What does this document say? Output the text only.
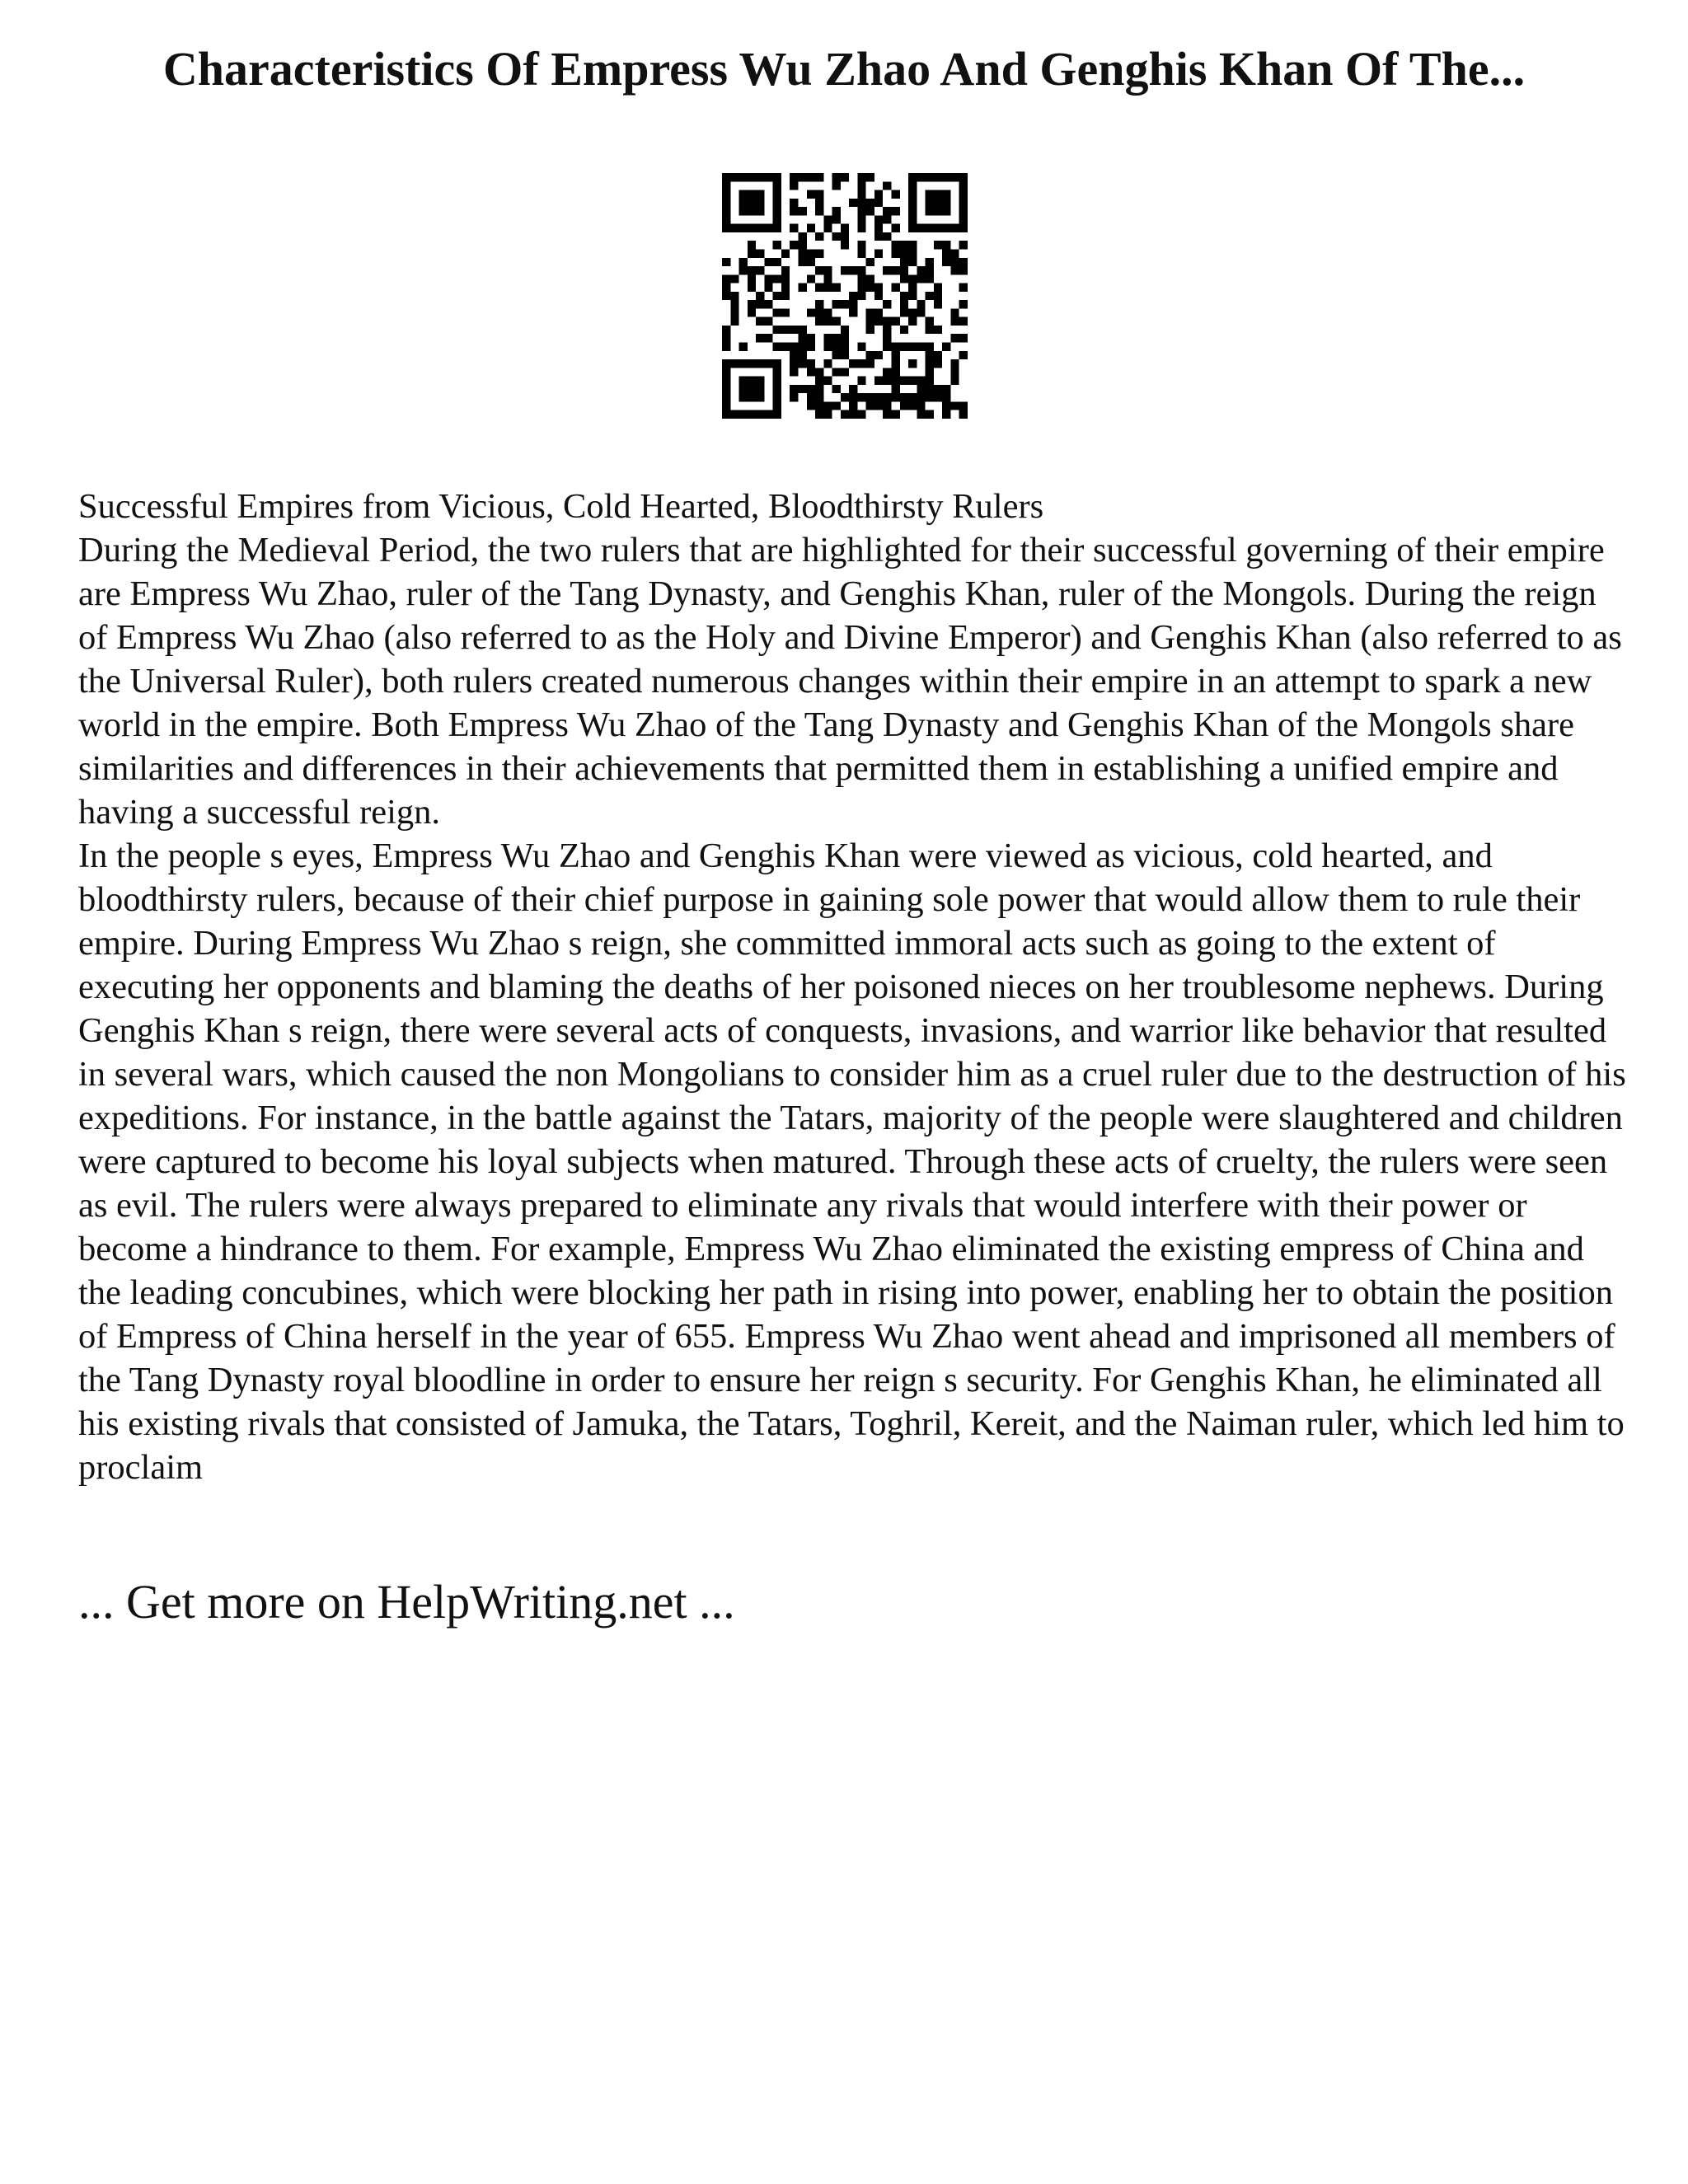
Characteristics Of Empress Wu Zhao And Genghis Khan Of The...

Successful Empires from Vicious, Cold Hearted, Bloodthirsty Rulers

During the Medieval Period, the two rulers that are highlighted for their successful governing of their empire are Empress Wu Zhao, ruler of the Tang Dynasty, and Genghis Khan, ruler of the Mongols. During the reign of Empress Wu Zhao (also referred to as the Holy and Divine Emperor) and Genghis Khan (also referred to as the Universal Ruler), both rulers created numerous changes within their empire in an attempt to spark a new world in the empire. Both Empress Wu Zhao of the Tang Dynasty and Genghis Khan of the Mongols share similarities and differences in their achievements that permitted them in establishing a unified empire and having a successful reign.

In the people s eyes, Empress Wu Zhao and Genghis Khan were viewed as vicious, cold hearted, and bloodthirsty rulers, because of their chief purpose in gaining sole power that would allow them to rule their empire. During Empress Wu Zhao s reign, she committed immoral acts such as going to the extent of executing her opponents and blaming the deaths of her poisoned nieces on her troublesome nephews. During Genghis Khan s reign, there were several acts of conquests, invasions, and warrior like behavior that resulted in several wars, which caused the non Mongolians to consider him as a cruel ruler due to the destruction of his expeditions. For instance, in the battle against the Tatars, majority of the people were slaughtered and children were captured to become his loyal subjects when matured. Through these acts of cruelty, the rulers were seen as evil. The rulers were always prepared to eliminate any rivals that would interfere with their power or become a hindrance to them. For example, Empress Wu Zhao eliminated the existing empress of China and the leading concubines, which were blocking her path in rising into power, enabling her to obtain the position of Empress of China herself in the year of 655. Empress Wu Zhao went ahead and imprisoned all members of the Tang Dynasty royal bloodline in order to ensure her reign s security. For Genghis Khan, he eliminated all his existing rivals that consisted of Jamuka, the Tatars, Toghril, Kereit, and the Naiman ruler, which led him to proclaim

... Get more on HelpWriting.net ...
